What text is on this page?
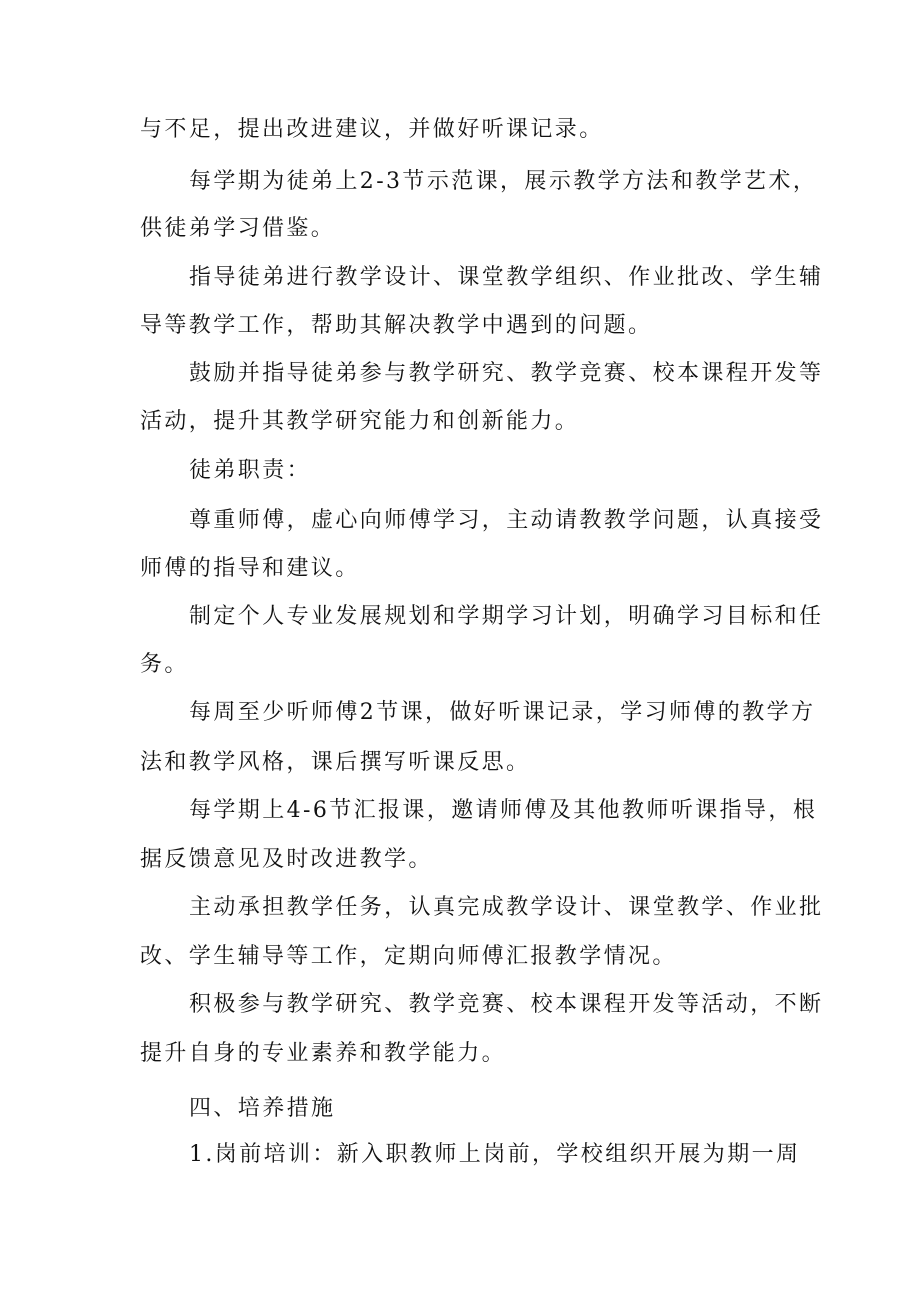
与不足，提出改进建议，并做好听课记录。
每学期为徒弟上2-3节示范课，展示教学方法和教学艺术，
供徒弟学习借鉴。
指导徒弟进行教学设计、课堂教学组织、作业批改、学生辅
导等教学工作，帮助其解决教学中遇到的问题。
鼓励并指导徒弟参与教学研究、教学竞赛、校本课程开发等
活动，提升其教学研究能力和创新能力。
徒弟职责：
尊重师傅，虚心向师傅学习，主动请教教学问题，认真接受
师傅的指导和建议。
制定个人专业发展规划和学期学习计划，明确学习目标和任
务。
每周至少听师傅2节课，做好听课记录，学习师傅的教学方
法和教学风格，课后撰写听课反思。
每学期上4-6节汇报课，邀请师傅及其他教师听课指导，根
据反馈意见及时改进教学。
主动承担教学任务，认真完成教学设计、课堂教学、作业批
改、学生辅导等工作，定期向师傅汇报教学情况。
积极参与教学研究、教学竞赛、校本课程开发等活动，不断
提升自身的专业素养和教学能力。
四、培养措施
1.岗前培训：新入职教师上岗前，学校组织开展为期一周
